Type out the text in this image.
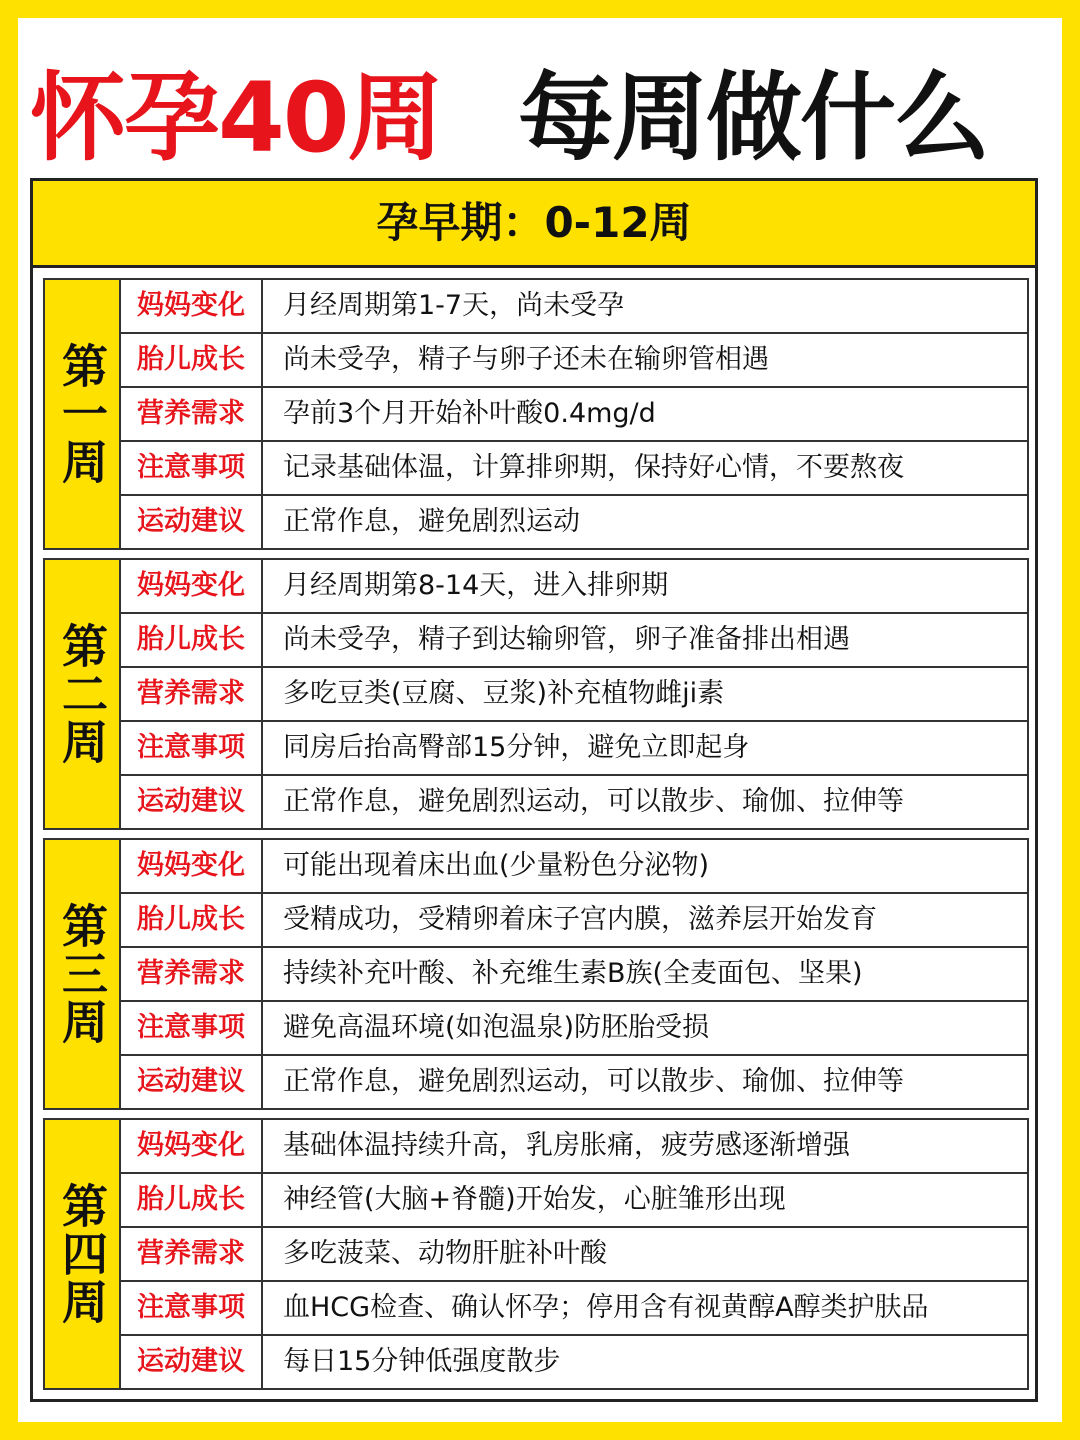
怀孕40周 每周做什么
孕早期：0-12周
第一周
妈妈变化	月经周期第1-7天，尚未受孕
胎儿成长	尚未受孕，精子与卵子还未在输卵管相遇
营养需求	孕前3个月开始补叶酸0.4mg/d
注意事项	记录基础体温，计算排卵期，保持好心情，不要熬夜
运动建议	正常作息，避免剧烈运动
第二周
妈妈变化	月经周期第8-14天，进入排卵期
胎儿成长	尚未受孕，精子到达输卵管，卵子准备排出相遇
营养需求	多吃豆类(豆腐、豆浆)补充植物雌ji素
注意事项	同房后抬高臀部15分钟，避免立即起身
运动建议	正常作息，避免剧烈运动，可以散步、瑜伽、拉伸等
第三周
妈妈变化	可能出现着床出血(少量粉色分泌物)
胎儿成长	受精成功，受精卵着床子宫内膜，滋养层开始发育
营养需求	持续补充叶酸、补充维生素B族(全麦面包、坚果)
注意事项	避免高温环境(如泡温泉)防胚胎受损
运动建议	正常作息，避免剧烈运动，可以散步、瑜伽、拉伸等
第四周
妈妈变化	基础体温持续升高，乳房胀痛，疲劳感逐渐增强
胎儿成长	神经管(大脑+脊髓)开始发，心脏雏形出现
营养需求	多吃菠菜、动物肝脏补叶酸
注意事项	血HCG检查、确认怀孕；停用含有视黄醇A醇类护肤品
运动建议	每日15分钟低强度散步
